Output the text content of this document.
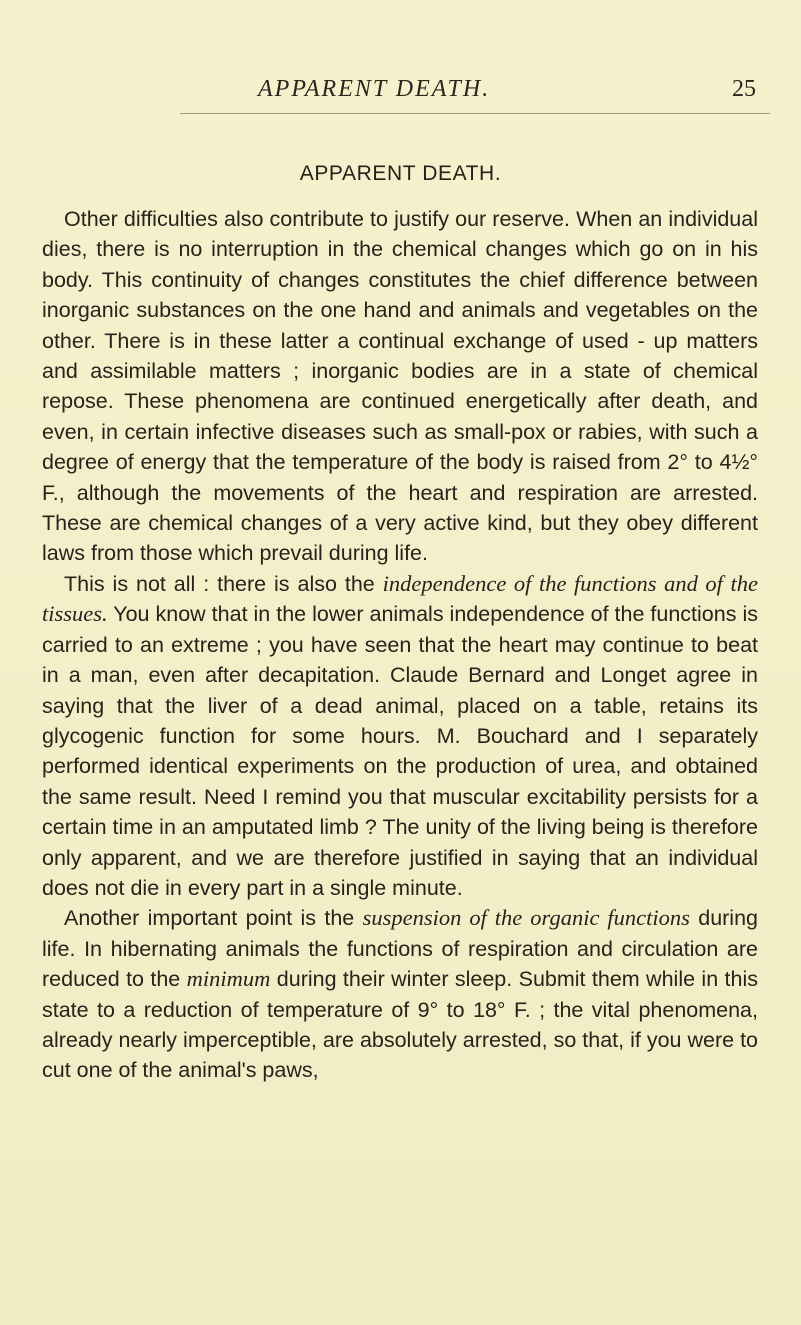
APPARENT DEATH.	25
APPARENT DEATH.

Other difficulties also contribute to justify our reserve. When an individual dies, there is no interruption in the chemical changes which go on in his body. This continuity of changes constitutes the chief difference between inorganic substances on the one hand and animals and vegetables on the other. There is in these latter a continual exchange of used - up matters and assimilable matters ; inorganic bodies are in a state of chemical repose. These phenomena are continued energetically after death, and even, in certain infective diseases such as small-pox or rabies, with such a degree of energy that the temperature of the body is raised from 2° to 4½° F., although the movements of the heart and respiration are arrested. These are chemical changes of a very active kind, but they obey different laws from those which prevail during life.

This is not all : there is also the independence of the functions and of the tissues. You know that in the lower animals independence of the functions is carried to an extreme ; you have seen that the heart may continue to beat in a man, even after decapitation. Claude Bernard and Longet agree in saying that the liver of a dead animal, placed on a table, retains its glycogenic function for some hours. M. Bouchard and I separately performed identical experiments on the production of urea, and obtained the same result. Need I remind you that muscular excitability persists for a certain time in an amputated limb ? The unity of the living being is therefore only apparent, and we are therefore justified in saying that an individual does not die in every part in a single minute.

Another important point is the suspension of the organic functions during life. In hibernating animals the functions of respiration and circulation are reduced to the minimum during their winter sleep. Submit them while in this state to a reduction of temperature of 9° to 18° F. ; the vital phenomena, already nearly imperceptible, are absolutely arrested, so that, if you were to cut one of the animal's paws,
